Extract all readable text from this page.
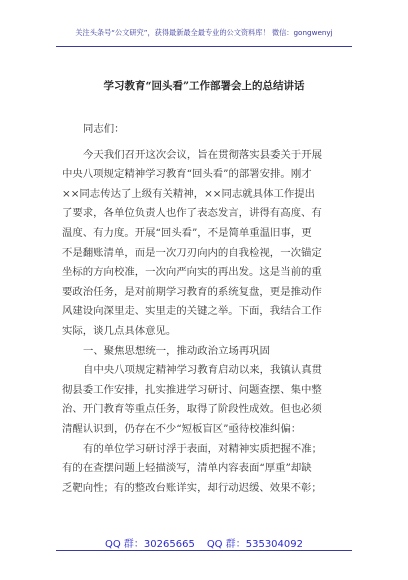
关注头条号“公文研究”，获得最新最全最专业的公文资料库！ 微信：gongwenyj
学习教育“回头看”工作部署会上的总结讲话
同志们：
今天我们召开这次会议，旨在贯彻落实县委关于开展
中央八项规定精神学习教育“回头看”的部署安排。刚才
××同志传达了上级有关精神，××同志就具体工作提出
了要求，各单位负责人也作了表态发言，讲得有高度、有
温度、有力度。开展“回头看”，不是简单重温旧事，更
不是翻账清单，而是一次刀刃向内的自我检视，一次锚定
坐标的方向校准，一次向严向实的再出发。这是当前的重
要政治任务，是对前期学习教育的系统复盘，更是推动作
风建设向深里走、实里走的关键之举。下面，我结合工作
实际，谈几点具体意见。
一、聚焦思想统一，推动政治立场再巩固
自中央八项规定精神学习教育启动以来，我镇认真贯
彻县委工作安排，扎实推进学习研讨、问题查摆、集中整
治、开门教育等重点任务，取得了阶段性成效。但也必须
清醒认识到，仍存在不少“短板盲区”亟待校准纠偏：
有的单位学习研讨浮于表面，对精神实质把握不准；
有的在查摆问题上轻描淡写，清单内容表面“厚重”却缺
乏靶向性；有的整改台账详实，却行动迟缓、效果不彰；
QQ 群：30265665 QQ 群：535304092
